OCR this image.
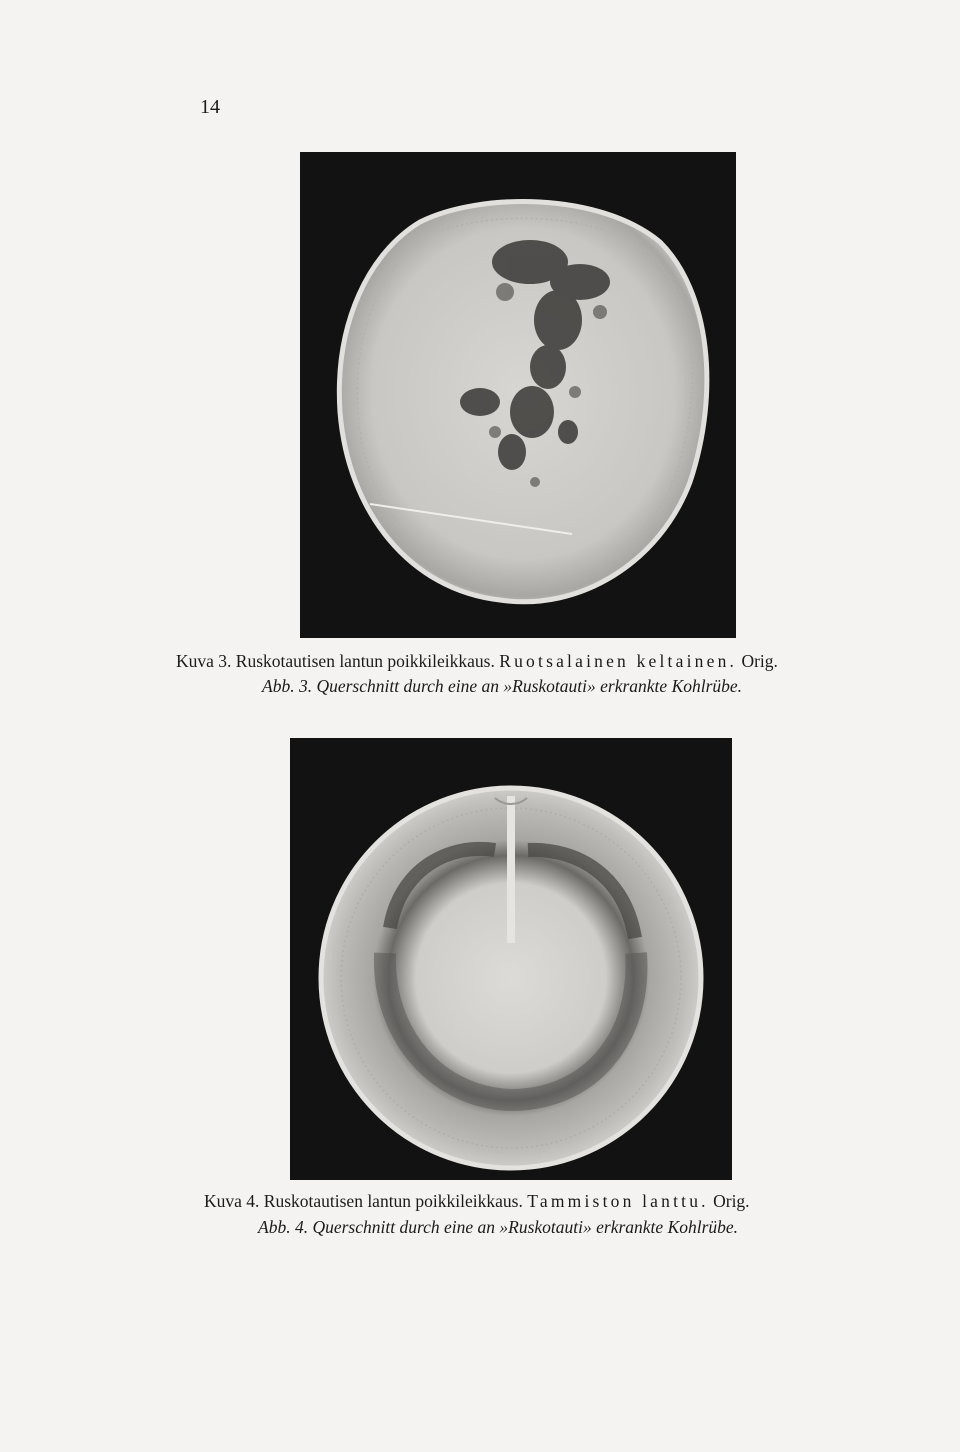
14
Kuva 3. Ruskotautisen lantun poikkileikkaus. Ruotsalainen keltainen. Orig.
Abb. 3. Querschnitt durch eine an »Ruskotauti» erkrankte Kohlrübe.
Kuva 4. Ruskotautisen lantun poikkileikkaus. Tammiston lanttu. Orig.
Abb. 4. Querschnitt durch eine an »Ruskotauti» erkrankte Kohlrübe.
